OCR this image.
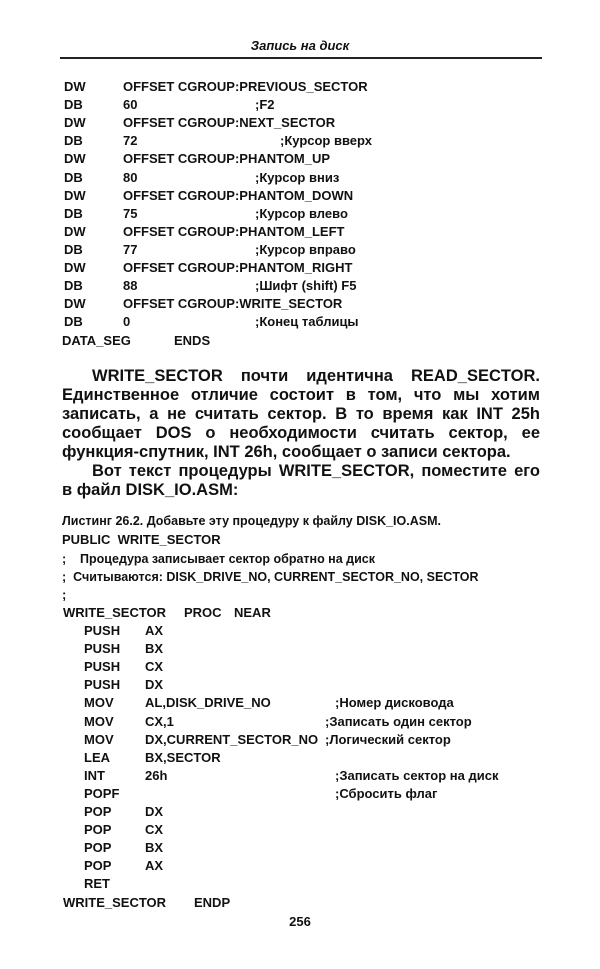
Запись на диск
DW	OFFSET CGROUP:PREVIOUS_SECTOR
DB	60	;F2
DW	OFFSET CGROUP:NEXT_SECTOR
DB	72	;Курсор вверх
DW	OFFSET CGROUP:PHANTOM_UP
DB	80	;Курсор вниз
DW	OFFSET CGROUP:PHANTOM_DOWN
DB	75	;Курсор влево
DW	OFFSET CGROUP:PHANTOM_LEFT
DB	77	;Курсор вправо
DW	OFFSET CGROUP:PHANTOM_RIGHT
DB	88	;Шифт (shift) F5
DW	OFFSET CGROUP:WRITE_SECTOR
DB	0	;Конец таблицы
DATA_SEG	ENDS

WRITE_SECTOR почти идентична READ_SECTOR. Единственное отличие состоит в том, что мы хотим записать, а не считать сектор. В то время как INT 25h сообщает DOS о необходимости считать сектор, ее функция-спутник, INT 26h, сообщает о записи сектора.

Вот текст процедуры WRITE_SECTOR, поместите его в файл DISK_IO.ASM:

Листинг 26.2. Добавьте эту процедуру к файлу DISK_IO.ASM.
PUBLIC  WRITE_SECTOR
;    Процедура записывает сектор обратно на диск
;  Считываются: DISK_DRIVE_NO, CURRENT_SECTOR_NO, SECTOR
;
WRITE_SECTOR PROC NEAR
PUSH AX
PUSH BX
PUSH CX
PUSH DX
MOV AL,DISK_DRIVE_NO	;Номер дисковода
MOV CX,1	;Записать один сектор
MOV DX,CURRENT_SECTOR_NO ;Логический сектор
LEA	BX,SECTOR
INT	26h	;Записать сектор на диск
POPF	;Сбросить флаг
POP	DX
POP	CX
POP	BX
POP	AX
RET
WRITE_SECTOR ENDP
256
